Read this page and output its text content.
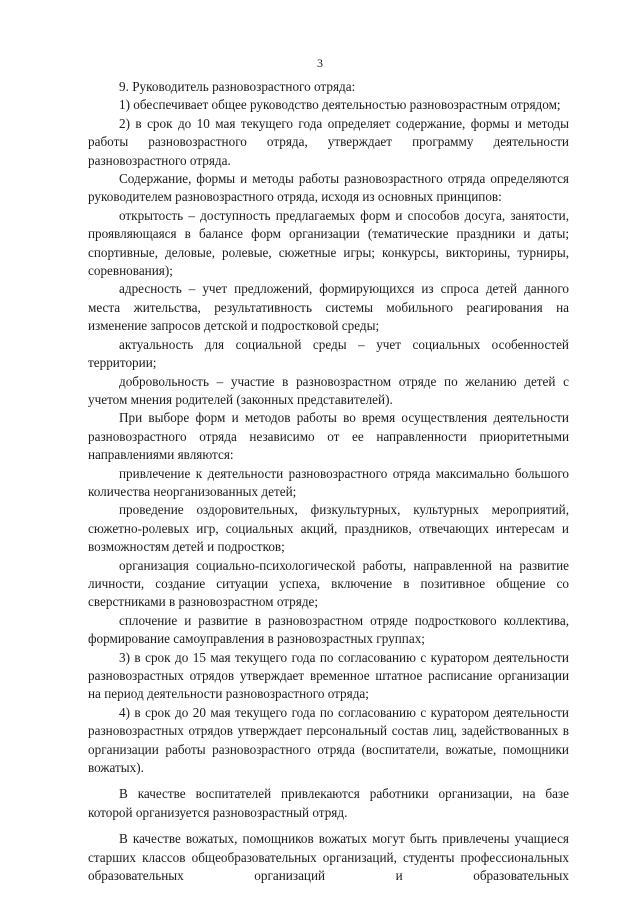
3

9. Руководитель разновозрастного отряда:

1) обеспечивает общее руководство деятельностью разновозрастным отрядом;

2) в срок до 10 мая текущего года определяет содержание, формы и методы работы разновозрастного отряда, утверждает программу деятельности разновозрастного отряда.

Содержание, формы и методы работы разновозрастного отряда определяются руководителем разновозрастного отряда, исходя из основных принципов:

открытость – доступность предлагаемых форм и способов досуга, занятости, проявляющаяся в балансе форм организации (тематические праздники и даты; спортивные, деловые, ролевые, сюжетные игры; конкурсы, викторины, турниры, соревнования);

адресность – учет предложений, формирующихся из спроса детей данного места жительства, результативность системы мобильного реагирования на изменение запросов детской и подростковой среды;

актуальность для социальной среды – учет социальных особенностей территории;

добровольность – участие в разновозрастном отряде по желанию детей с учетом мнения родителей (законных представителей).

При выборе форм и методов работы во время осуществления деятельности разновозрастного отряда независимо от ее направленности приоритетными направлениями являются:

привлечение к деятельности разновозрастного отряда максимально большого количества неорганизованных детей;

проведение оздоровительных, физкультурных, культурных мероприятий, сюжетно-ролевых игр, социальных акций, праздников, отвечающих интересам и возможностям детей и подростков;

организация социально-психологической работы, направленной на развитие личности, создание ситуации успеха, включение в позитивное общение со сверстниками в разновозрастном отряде;

сплочение и развитие в разновозрастном отряде подросткового коллектива, формирование самоуправления в разновозрастных группах;

3) в срок до 15 мая текущего года по согласованию с куратором деятельности разновозрастных отрядов утверждает временное штатное расписание организации на период деятельности разновозрастного отряда;

4) в срок до 20 мая текущего года по согласованию с куратором деятельности разновозрастных отрядов утверждает персональный состав лиц, задействованных в организации работы разновозрастного отряда (воспитатели, вожатые, помощники вожатых).

В качестве воспитателей привлекаются работники организации, на базе которой организуется разновозрастный отряд.

В качестве вожатых, помощников вожатых могут быть привлечены учащиеся старших классов общеобразовательных организаций, студенты профессиональных образовательных организаций и образовательных
